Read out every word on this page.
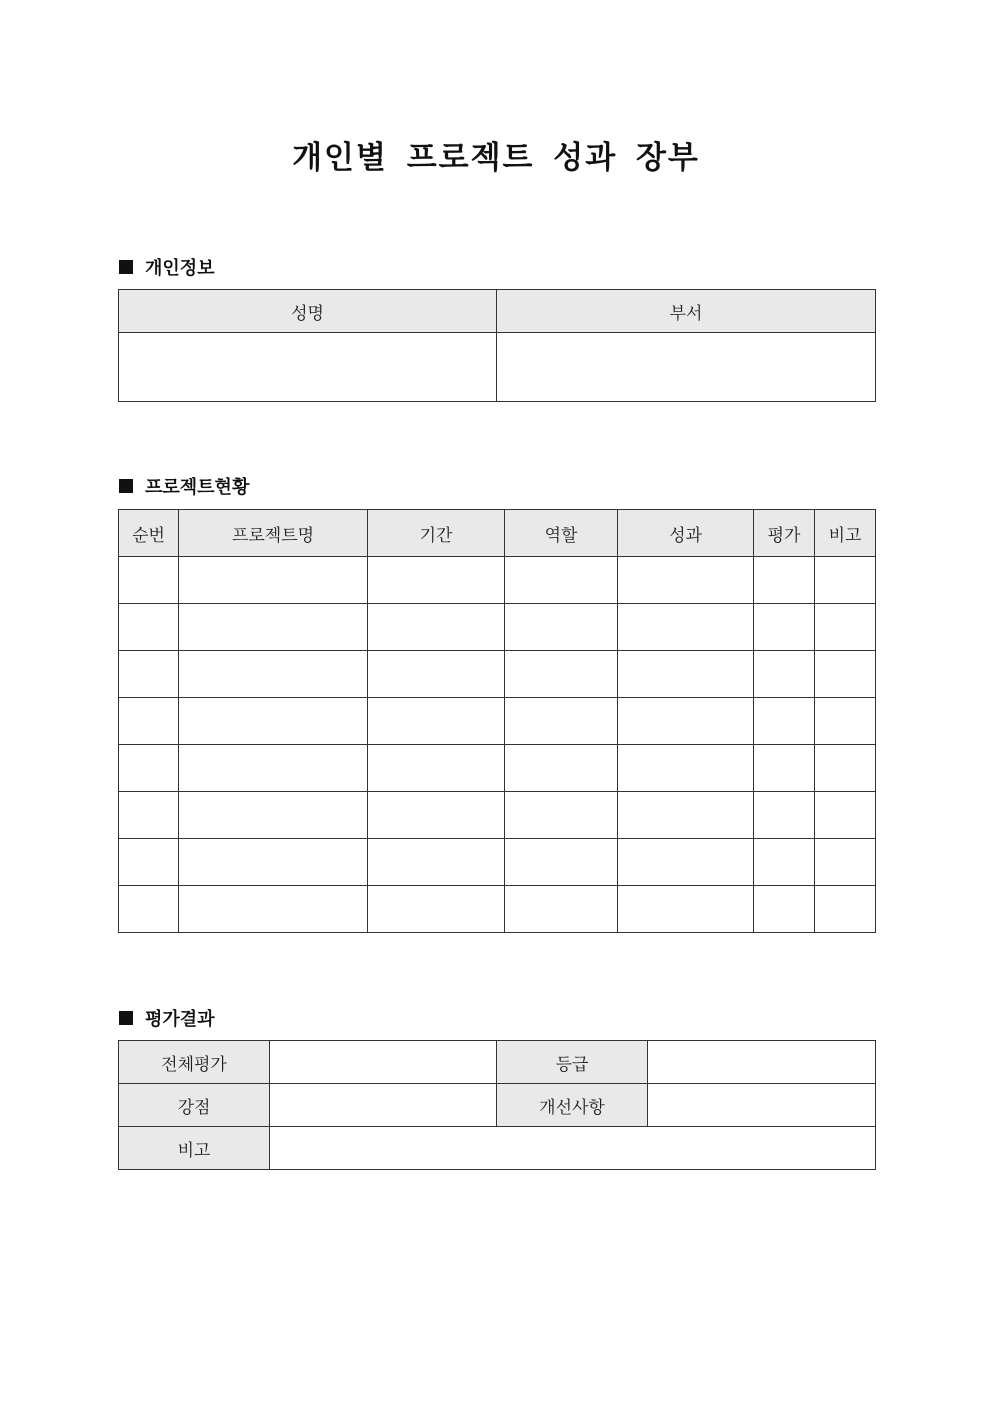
개인별 프로젝트 성과 장부
개인정보
성명	부서

프로젝트현황
순번	프로젝트명	기간	역할	성과	평가	비고

평가결과
전체평가		등급	
강점		개선사항	
비고			
